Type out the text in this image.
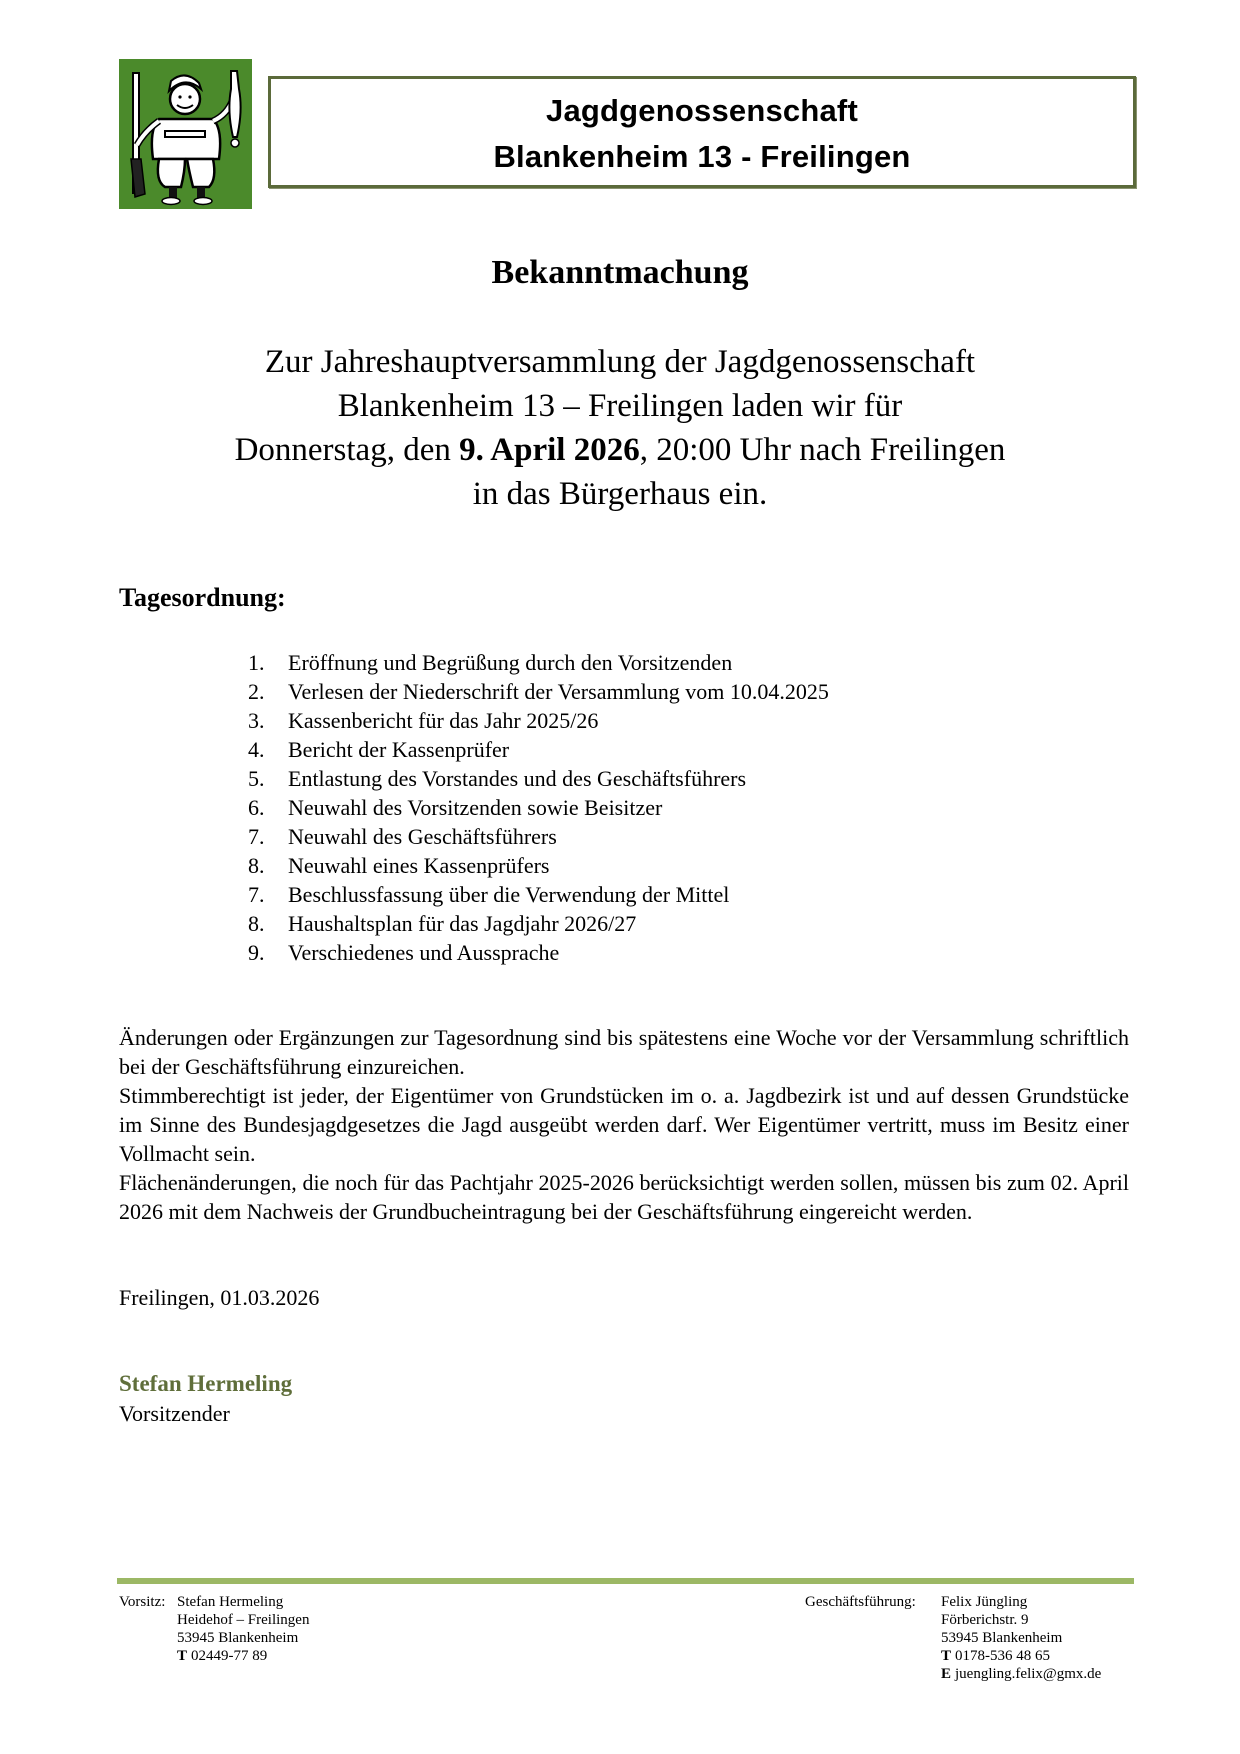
Jagdgenossenschaft
Blankenheim 13 - Freilingen
Bekanntmachung
Zur Jahreshauptversammlung der Jagdgenossenschaft
Blankenheim 13 – Freilingen laden wir für
Donnerstag, den 9. April 2026, 20:00 Uhr nach Freilingen
in das Bürgerhaus ein.
Tagesordnung:
1.	Eröffnung und Begrüßung durch den Vorsitzenden
2.	Verlesen der Niederschrift der Versammlung vom 10.04.2025
3.	Kassenbericht für das Jahr 2025/26
4.	Bericht der Kassenprüfer
5.	Entlastung des Vorstandes und des Geschäftsführers
6.	Neuwahl des Vorsitzenden sowie Beisitzer
7.	Neuwahl des Geschäftsführers
8.	Neuwahl eines Kassenprüfers
7.	Beschlussfassung über die Verwendung der Mittel
8.	Haushaltsplan für das Jagdjahr 2026/27
9.	Verschiedenes und Aussprache

Änderungen oder Ergänzungen zur Tagesordnung sind bis spätestens eine Woche vor der Versammlung schriftlich bei der Geschäftsführung einzureichen.

Stimmberechtigt ist jeder, der Eigentümer von Grundstücken im o. a. Jagdbezirk ist und auf dessen Grundstücke im Sinne des Bundesjagdgesetzes die Jagd ausgeübt werden darf. Wer Eigentümer vertritt, muss im Besitz einer Vollmacht sein.

Flächenänderungen, die noch für das Pachtjahr 2025-2026 berücksichtigt werden sollen, müssen bis zum 02. April 2026 mit dem Nachweis der Grundbucheintragung bei der Geschäftsführung eingereicht werden.

Freilingen, 01.03.2026
Stefan Hermeling
Vorsitzender
Vorsitz: Stefan Hermeling
Heidehof – Freilingen
53945 Blankenheim
T 02449-77 89
Geschäftsführung:	Felix Jüngling
Förberichstr. 9
53945 Blankenheim
T 0178-536 48 65
E juengling.felix@gmx.de
